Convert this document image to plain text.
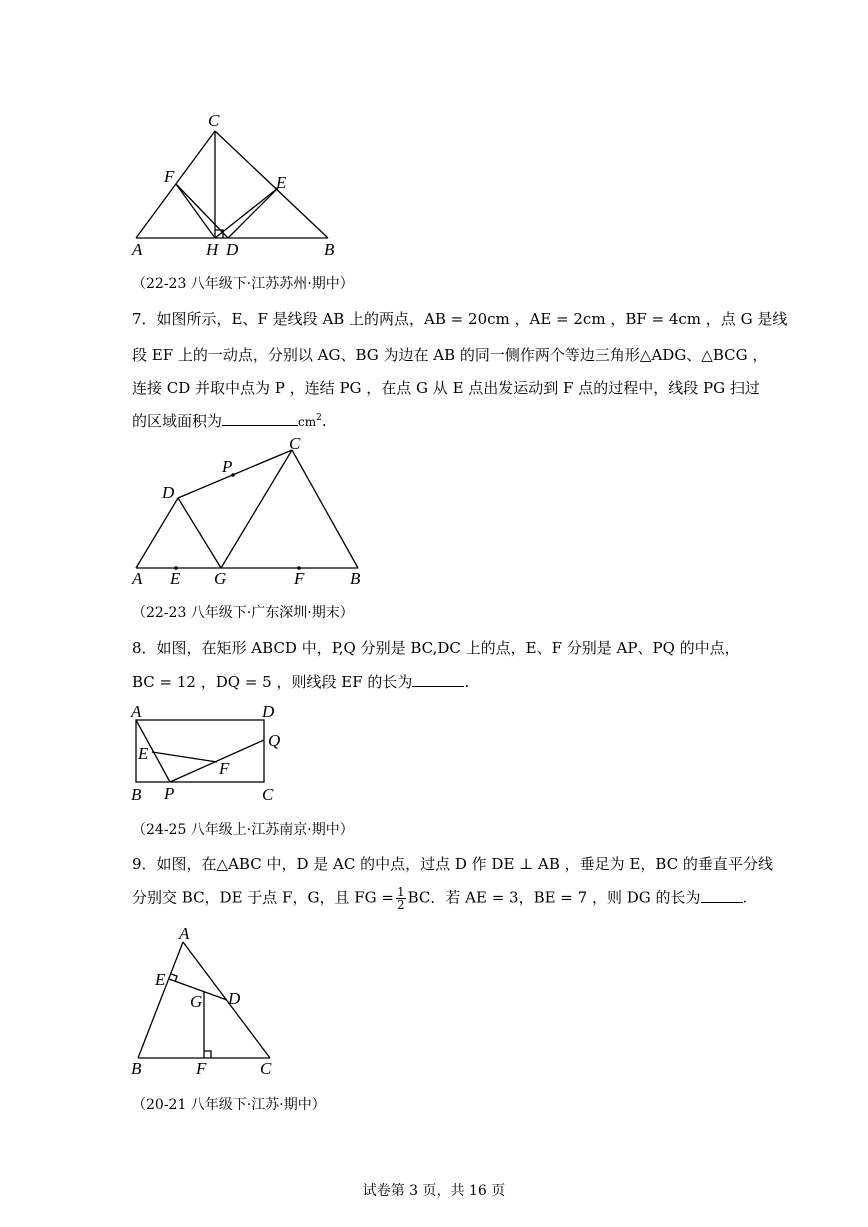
C
F	E
A	H D	B
（22-23 八年级下·江苏苏州·期中）
7．如图所示，E、F 是线段 AB 上的两点，AB = 20cm ，AE = 2cm ，BF = 4cm ，点 G 是线
段 EF 上的一动点，分别以 AG、BG 为边在 AB 的同一侧作两个等边三角形△ADG、△BCG ，
连接 CD 并取中点为 P ，连结 PG ，在点 G 从 E 点出发运动到 F 点的过程中，线段 PG 扫过
的区域面积为	$cm^2$.
C
P
D
A E G	F	B
（22-23 八年级下·广东深圳·期末）
8．如图，在矩形 ABCD 中，P,Q 分别是 BC,DC 上的点，E、F 分别是 AP、PQ 的中点，
BC = 12 ，DQ = 5 ，则线段 EF 的长为	.
A	D
Q
E
F
B P	C
（24-25 八年级上·江苏南京·期中）
9．如图，在△ABC 中，D 是 AC 的中点，过点 D 作 DE ⊥ AB ，垂足为 E，BC 的垂直平分线
分别交 BC，DE 于点 F，G，且 FG = $\frac{1}{2}$ BC．若 AE = 3，BE = 7 ，则 DG 的长为	.
A
E
G D
B	F	C
（20-21 八年级下·江苏·期中）
试卷第 3 页，共 16 页
